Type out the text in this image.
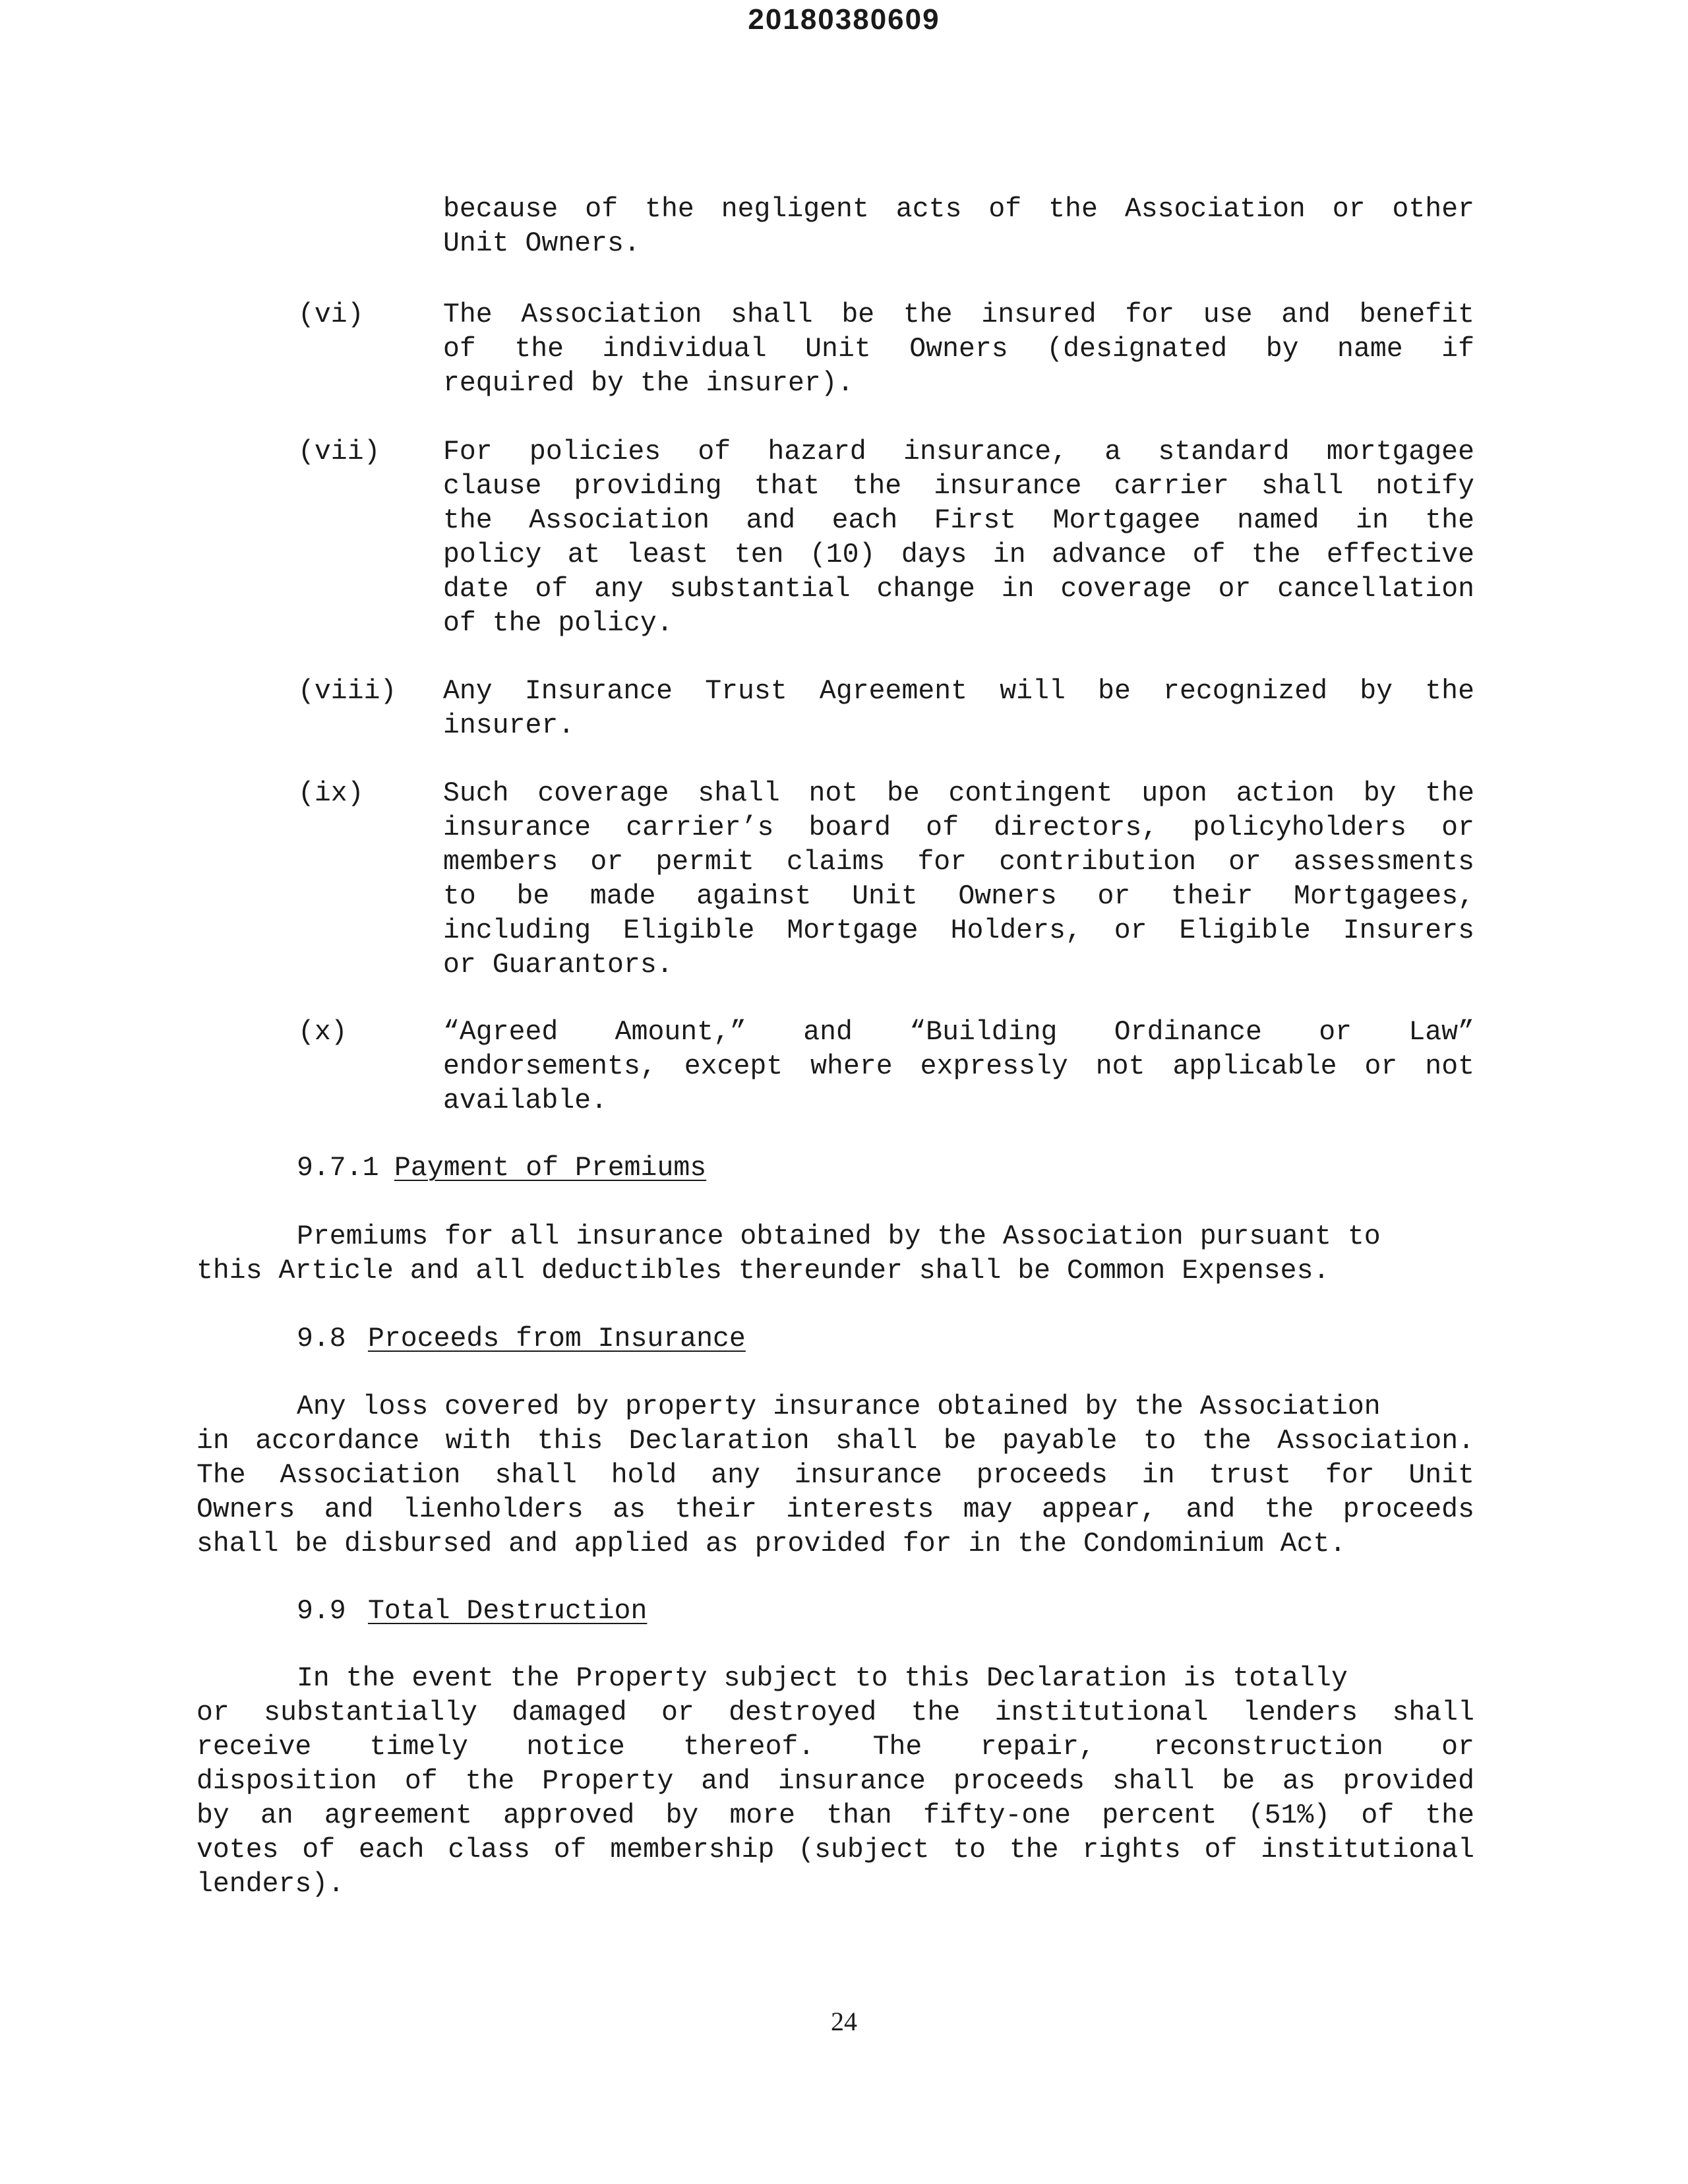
20180380609
because of the negligent acts of the Association or other
Unit Owners.
(vi)	The Association shall be the insured for use and benefit
of the individual Unit Owners (designated by name if
required by the insurer).
(vii) For policies of hazard insurance, a standard mortgagee
clause providing that the insurance carrier shall notify
the Association and each First Mortgagee named in the
policy at least ten (10) days in advance of the effective
date of any substantial change in coverage or cancellation
of the policy.
(viii) Any Insurance Trust Agreement will be recognized by the
insurer.
(ix)	Such coverage shall not be contingent upon action by the
insurance carrier’s board of directors, policyholders or
members or permit claims for contribution or assessments
to be made against Unit Owners or their Mortgagees,
including Eligible Mortgage Holders, or Eligible Insurers
or Guarantors.
(x)	“Agreed Amount,” and “Building Ordinance or Law”
endorsements, except where expressly not applicable or not
available.
9.7.1 Payment of Premiums
Premiums for all insurance obtained by the Association pursuant to
this Article and all deductibles thereunder shall be Common Expenses.
9.8 Proceeds from Insurance
Any loss covered by property insurance obtained by the Association
in accordance with this Declaration shall be payable to the Association.
The Association shall hold any insurance proceeds in trust for Unit
Owners and lienholders as their interests may appear, and the proceeds
shall be disbursed and applied as provided for in the Condominium Act.
9.9 Total Destruction
In the event the Property subject to this Declaration is totally
or substantially damaged or destroyed the institutional lenders shall
receive timely notice thereof. The repair, reconstruction or
disposition of the Property and insurance proceeds shall be as provided
by an agreement approved by more than fifty-one percent (51%) of the
votes of each class of membership (subject to the rights of institutional
lenders).
24
